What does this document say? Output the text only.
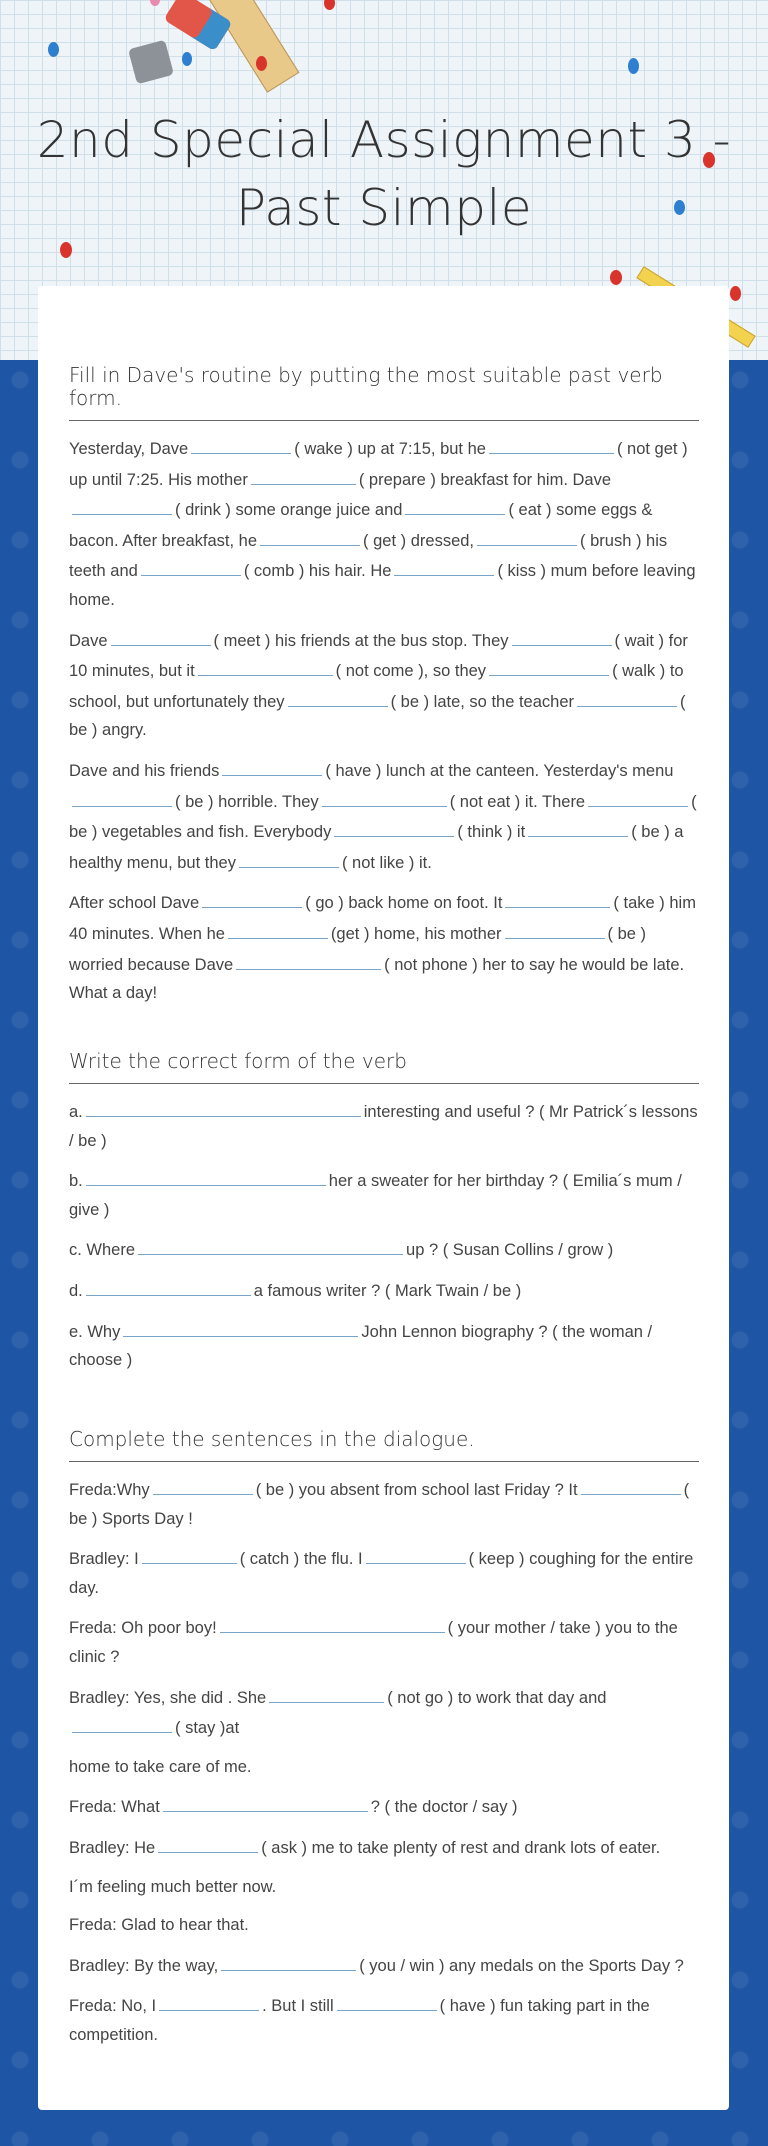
2nd Special Assignment 3 - Past Simple
Fill in Dave's routine by putting the most suitable past verb form.

Yesterday, Dave	( wake ) up at 7:15, but he	( not get ) up until 7:25. His mother	( prepare ) breakfast for him. Dave( drink ) some orange juice and	( eat ) some eggs & bacon. After breakfast, he	( get ) dressed,	( brush ) his teeth and	( comb ) his hair. He	( kiss ) mum before leaving home.

Dave	( meet ) his friends at the bus stop. They	( wait ) for 10 minutes, but it	( not come ), so they	( walk ) to school, but unfortunately they	( be ) late, so the teacher	( be ) angry.

Dave and his friends	( have ) lunch at the canteen. Yesterday's menu( be ) horrible. They	( not eat ) it. There	( be ) vegetables and fish. Everybody	( think ) it	( be ) a healthy menu, but they	( not like ) it.

After school Dave	( go ) back home on foot. It	( take ) him 40 minutes. When he	(get ) home, his mother	( be ) worried because Dave	( not phone ) her to say he would be late. What a day!

Write the correct form of the verb

a.	interesting and useful ? ( Mr Patrick´s lessons / be )

b.	her a sweater for her birthday ? ( Emilia´s mum / give )

c. Where	up ? ( Susan Collins / grow )

d.	a famous writer ? ( Mark Twain / be )

e. Why	John Lennon biography ? ( the woman / choose )

Complete the sentences in the dialogue.

Freda:Why	( be ) you absent from school last Friday ? It	( be ) Sports Day !

Bradley: I	( catch ) the flu. I	( keep ) coughing for the entire day.

Freda: Oh poor boy!	( your mother / take ) you to the clinic ?

Bradley: Yes, she did . She	( not go ) to work that day and( stay )at

home to take care of me.

Freda: What	? ( the doctor / say )

Bradley: He	( ask ) me to take plenty of rest and drank lots of eater.

I´m feeling much better now.

Freda: Glad to hear that.

Bradley: By the way,	( you / win ) any medals on the Sports Day ?

Freda: No, I	. But I still	( have ) fun taking part in the competition.
